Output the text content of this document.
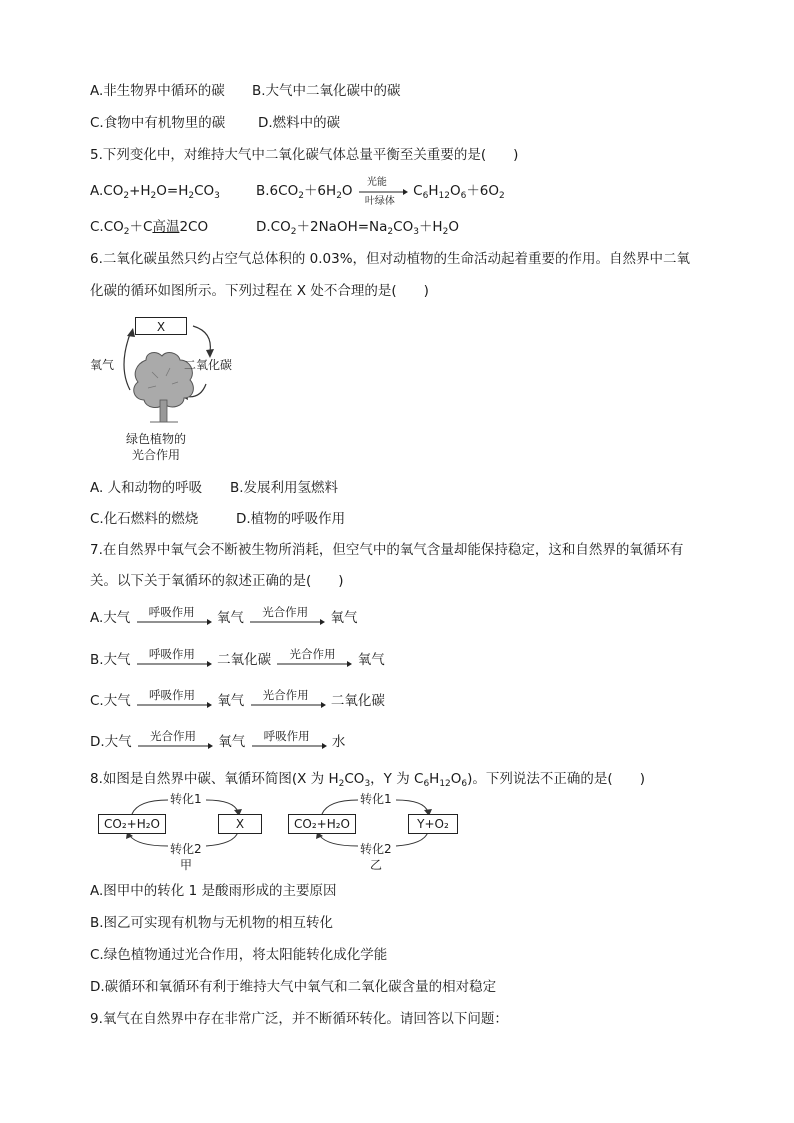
A.非生物界中循环的碳 B.大气中二氧化碳中的碳
C.食物中有机物里的碳 D.燃料中的碳
5.下列变化中，对维持大气中二氧化碳气体总量平衡至关重要的是(　　)
$A.CO_2+H_2O=H_2CO_3$	$B.6CO_2+6H_2O$
光能
叶绿体
$C_6H_{12}O_6+6O_2$
$C.CO_2+C$高温2CO	$D.CO_2+2NaOH=Na_2CO_3+H_2O$
6.二氧化碳虽然只约占空气总体积的 0.03%，但对动植物的生命活动起着重要的作用。自然界中二氧
化碳的循环如图所示。下列过程在 X 处不合理的是(　　)
X
氧气	二氧化碳
绿色植物的
光合作用
A. 人和动物的呼吸 B.发展利用氢燃料
C.化石燃料的燃烧	D.植物的呼吸作用
7.在自然界中氧气会不断被生物所消耗，但空气中的氧气含量却能保持稳定，这和自然界的氧循环有
关。以下关于氧循环的叙述正确的是(　　)
A.大气 呼吸作用 氧气 光合作用 氧气
B.大气 呼吸作用 二氧化碳 光合作用 氧气
C.大气 呼吸作用 氧气 光合作用 二氧化碳
D.大气 光合作用 氧气 呼吸作用 水
8.如图是自然界中碳、氧循环简图(X 为 $H_2CO_3$，Y 为 $C_6H_{12}O_6$)。下列说法不正确的是(　　)
CO₂+H₂O	X
转化1
转化2
甲
CO₂+H₂O	Y+O₂
转化1
转化2
乙
A.图甲中的转化 1 是酸雨形成的主要原因
B.图乙可实现有机物与无机物的相互转化
C.绿色植物通过光合作用，将太阳能转化成化学能
D.碳循环和氧循环有利于维持大气中氧气和二氧化碳含量的相对稳定
9.氧气在自然界中存在非常广泛，并不断循环转化。请回答以下问题：
